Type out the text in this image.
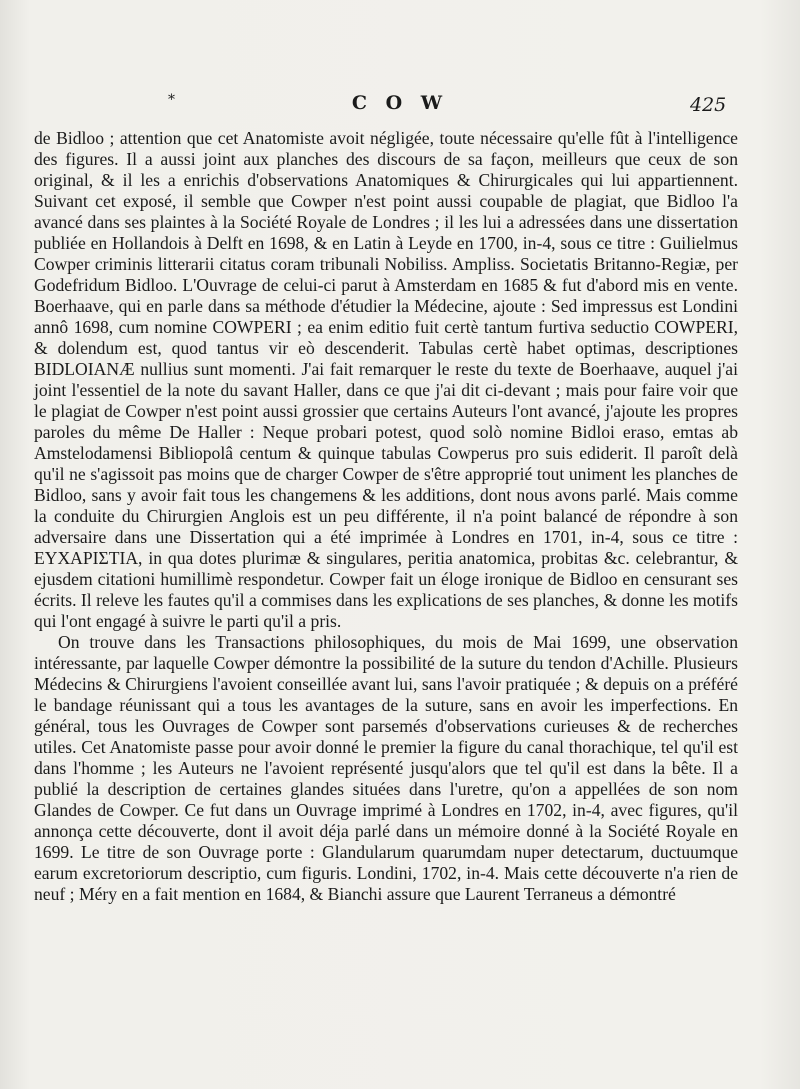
*	C O W	425

de Bidloo ; attention que cet Anatomiste avoit négligée, toute nécessaire qu'elle fût à l'intelligence des figures. Il a aussi joint aux planches des discours de sa façon, meilleurs que ceux de son original, & il les a enrichis d'observations Anatomiques & Chirurgicales qui lui appartiennent. Suivant cet exposé, il semble que Cowper n'est point aussi coupable de plagiat, que Bidloo l'a avancé dans ses plaintes à la Société Royale de Londres ; il les lui a adressées dans une dissertation publiée en Hollandois à Delft en 1698, & en Latin à Leyde en 1700, in-4, sous ce titre : Guilielmus Cowper criminis litterarii citatus coram tribunali Nobiliss. Ampliss. Societatis Britanno-Regiæ, per Godefridum Bidloo. L'Ouvrage de celui-ci parut à Amsterdam en 1685 & fut d'abord mis en vente. Boerhaave, qui en parle dans sa méthode d'étudier la Médecine, ajoute : Sed impressus est Londini annô 1698, cum nomine COWPERI ; ea enim editio fuit certè tantum furtiva seductio COWPERI, & dolendum est, quod tantus vir eò descenderit. Tabulas certè habet optimas, descriptiones BIDLOIANÆ nullius sunt momenti. J'ai fait remarquer le reste du texte de Boerhaave, auquel j'ai joint l'essentiel de la note du savant Haller, dans ce que j'ai dit ci-devant ; mais pour faire voir que le plagiat de Cowper n'est point aussi grossier que certains Auteurs l'ont avancé, j'ajoute les propres paroles du même De Haller : Neque probari potest, quod solò nomine Bidloi eraso, emtas ab Amstelodamensi Bibliopolâ centum & quinque tabulas Cowperus pro suis ediderit. Il paroît delà qu'il ne s'agissoit pas moins que de charger Cowper de s'être approprié tout uniment les planches de Bidloo, sans y avoir fait tous les changemens & les additions, dont nous avons parlé. Mais comme la conduite du Chirurgien Anglois est un peu différente, il n'a point balancé de répondre à son adversaire dans une Dissertation qui a été imprimée à Londres en 1701, in-4, sous ce titre : ΕΥΧΑΡΙΣΤΙΑ, in qua dotes plurimæ & singulares, peritia anatomica, probitas &c. celebrantur, & ejusdem citationi humillimè respondetur. Cowper fait un éloge ironique de Bidloo en censurant ses écrits. Il releve les fautes qu'il a commises dans les explications de ses planches, & donne les motifs qui l'ont engagé à suivre le parti qu'il a pris.

On trouve dans les Transactions philosophiques, du mois de Mai 1699, une observation intéressante, par laquelle Cowper démontre la possibilité de la suture du tendon d'Achille. Plusieurs Médecins & Chirurgiens l'avoient conseillée avant lui, sans l'avoir pratiquée ; & depuis on a préféré le bandage réunissant qui a tous les avantages de la suture, sans en avoir les imperfections. En général, tous les Ouvrages de Cowper sont parsemés d'observations curieuses & de recherches utiles. Cet Anatomiste passe pour avoir donné le premier la figure du canal thorachique, tel qu'il est dans l'homme ; les Auteurs ne l'avoient représenté jusqu'alors que tel qu'il est dans la bête. Il a publié la description de certaines glandes situées dans l'uretre, qu'on a appellées de son nom Glandes de Cowper. Ce fut dans un Ouvrage imprimé à Londres en 1702, in-4, avec figures, qu'il annonça cette découverte, dont il avoit déja parlé dans un mémoire donné à la Société Royale en 1699. Le titre de son Ouvrage porte : Glandularum quarumdam nuper detectarum, ductuumque earum excretoriorum descriptio, cum figuris. Londini, 1702, in-4. Mais cette découverte n'a rien de neuf ; Méry en a fait mention en 1684, & Bianchi assure que Laurent Terraneus a démontré
